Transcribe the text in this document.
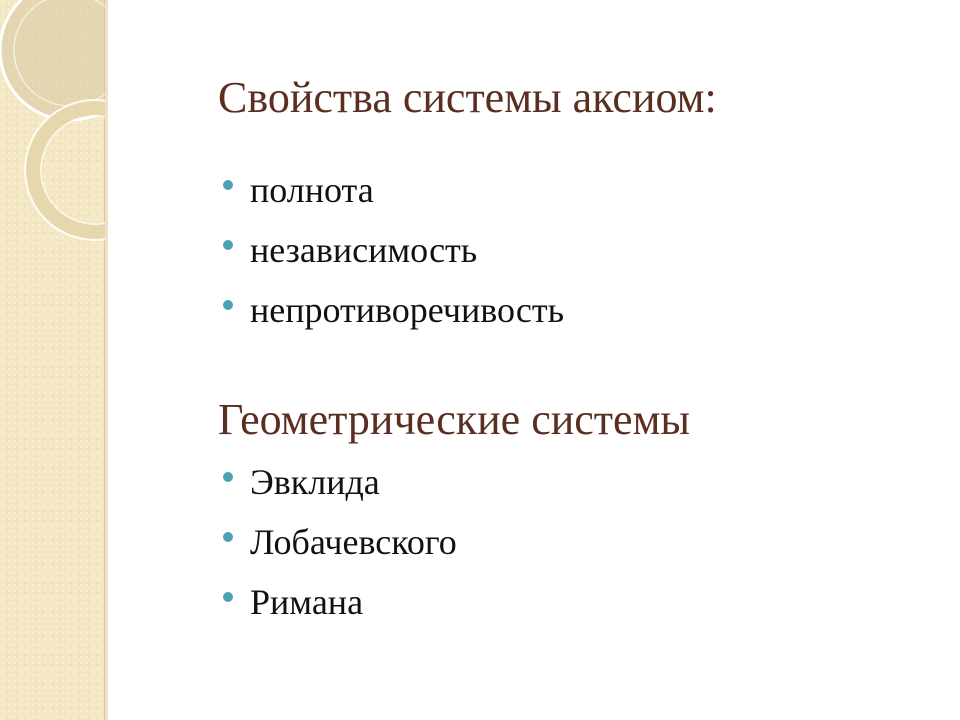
Свойства системы аксиом:
полнота
независимость
непротиворечивость
Геометрические системы
Эвклида
Лобачевского
Римана
